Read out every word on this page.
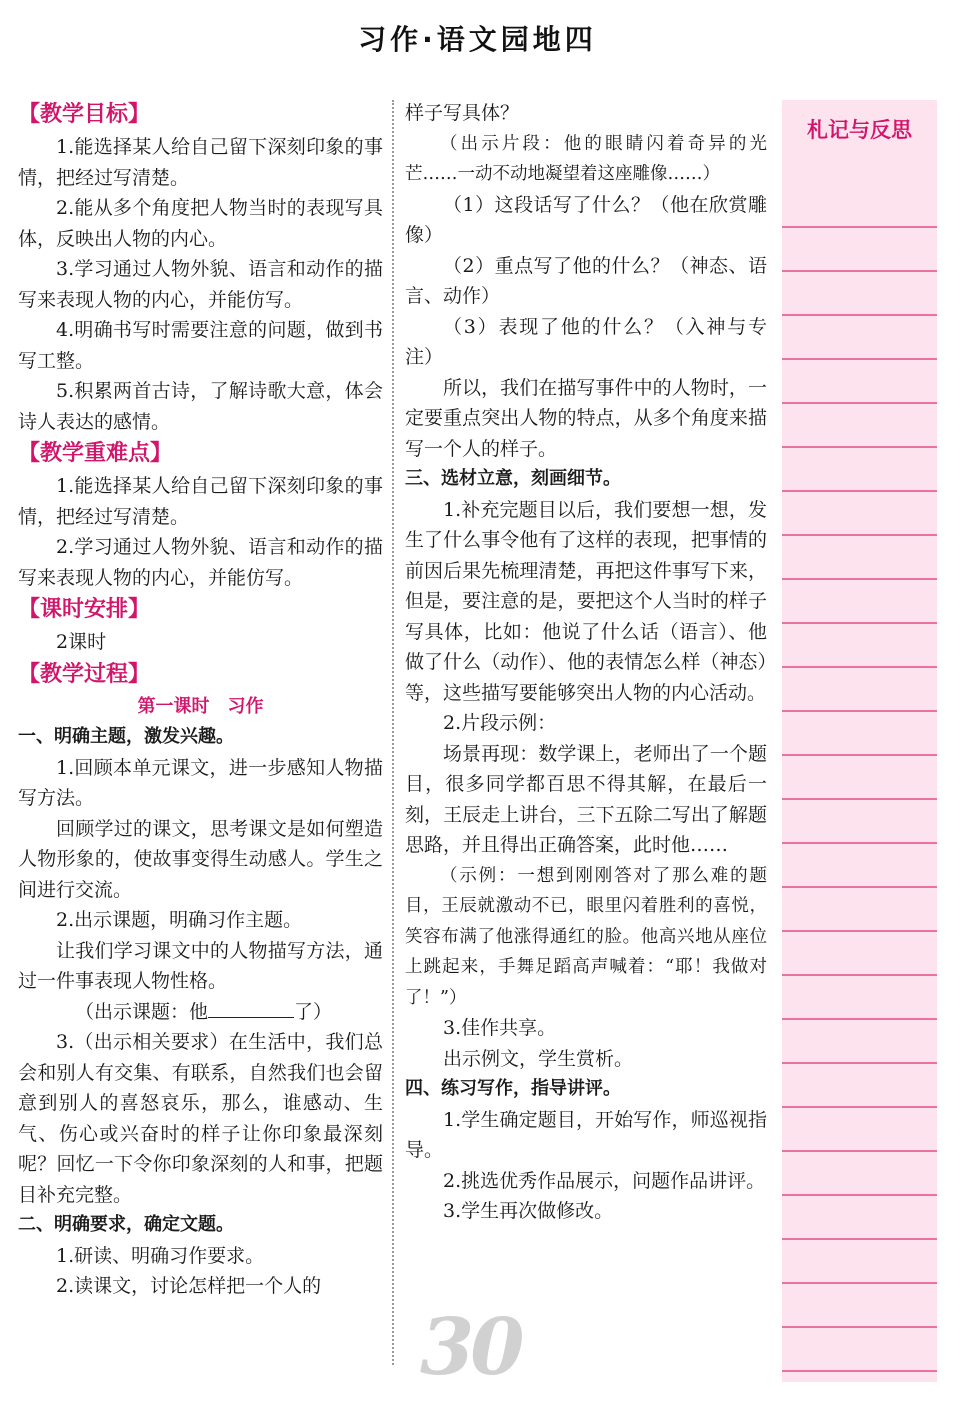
习作·语文园地四

【教学目标】

1.能选择某人给自己留下深刻印象的事情，把经过写清楚。

2.能从多个角度把人物当时的表现写具体，反映出人物的内心。

3.学习通过人物外貌、语言和动作的描写来表现人物的内心，并能仿写。

4.明确书写时需要注意的问题，做到书写工整。

5.积累两首古诗，了解诗歌大意，体会诗人表达的感情。

【教学重难点】

1.能选择某人给自己留下深刻印象的事情，把经过写清楚。

2.学习通过人物外貌、语言和动作的描写来表现人物的内心，并能仿写。

【课时安排】

2课时

【教学过程】

第一课时　习作

一、明确主题，激发兴趣。

1.回顾本单元课文，进一步感知人物描写方法。

回顾学过的课文，思考课文是如何塑造人物形象的，使故事变得生动感人。学生之间进行交流。

2.出示课题，明确习作主题。

让我们学习课文中的人物描写方法，通过一件事表现人物性格。

（出示课题：他	了）

3.（出示相关要求）在生活中，我们总会和别人有交集、有联系，自然我们也会留意到别人的喜怒哀乐，那么，谁感动、生气、伤心或兴奋时的样子让你印象最深刻呢？回忆一下令你印象深刻的人和事，把题目补充完整。

二、明确要求，确定文题。

1.研读、明确习作要求。

2.读课文，讨论怎样把一个人的

样子写具体？

（出示片段：他的眼睛闪着奇异的光芒……一动不动地凝望着这座雕像……）

（1）这段话写了什么？（他在欣赏雕像）

（2）重点写了他的什么？（神态、语言、动作）

（3）表现了他的什么？（入神与专注）

所以，我们在描写事件中的人物时，一定要重点突出人物的特点，从多个角度来描写一个人的样子。

三、选材立意，刻画细节。

1.补充完题目以后，我们要想一想，发生了什么事令他有了这样的表现，把事情的前因后果先梳理清楚，再把这件事写下来，但是，要注意的是，要把这个人当时的样子写具体，比如：他说了什么话（语言）、他做了什么（动作）、他的表情怎么样（神态）等，这些描写要能够突出人物的内心活动。

2.片段示例：

场景再现：数学课上，老师出了一个题目，很多同学都百思不得其解，在最后一刻，王辰走上讲台，三下五除二写出了解题思路，并且得出正确答案，此时他……

（示例：一想到刚刚答对了那么难的题目，王辰就激动不已，眼里闪着胜利的喜悦，笑容布满了他涨得通红的脸。他高兴地从座位上跳起来，手舞足蹈高声喊着：“耶！我做对了！”）

3.佳作共享。

出示例文，学生赏析。

四、练习写作，指导讲评。

1.学生确定题目，开始写作，师巡视指导。

2.挑选优秀作品展示，问题作品讲评。

3.学生再次做修改。

札记与反思
30
